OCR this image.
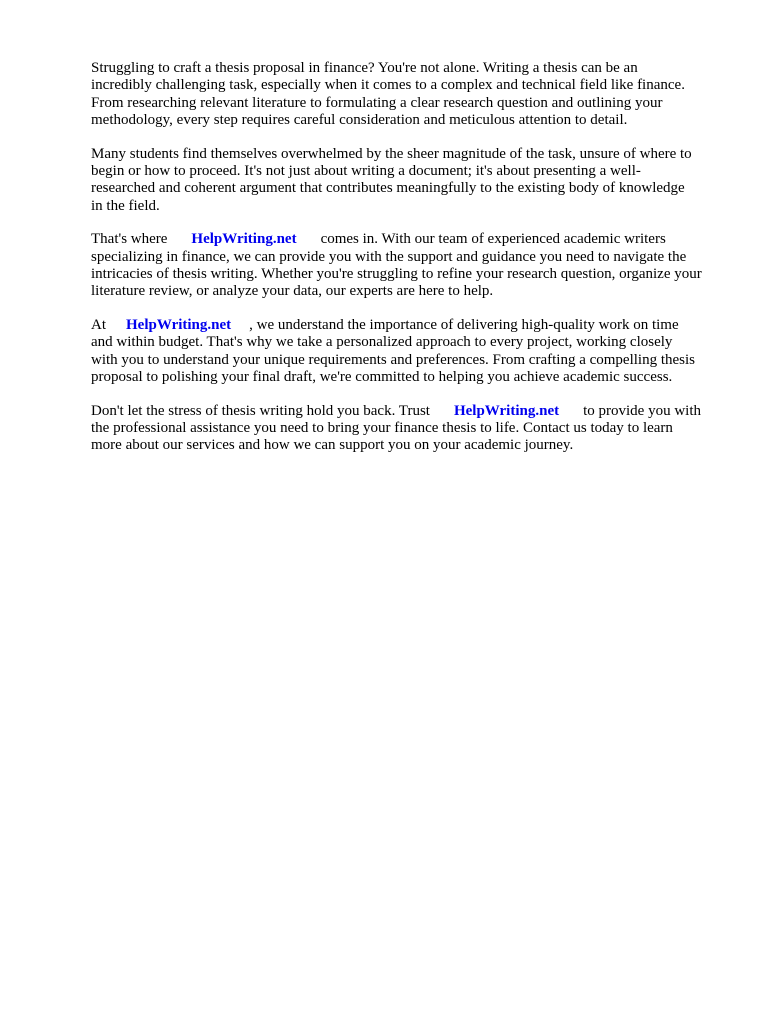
Struggling to craft a thesis proposal in finance? You're not alone. Writing a thesis can be an
incredibly challenging task, especially when it comes to a complex and technical field like finance.
From researching relevant literature to formulating a clear research question and outlining your
methodology, every step requires careful consideration and meticulous attention to detail.

Many students find themselves overwhelmed by the sheer magnitude of the task, unsure of where to
begin or how to proceed. It's not just about writing a document; it's about presenting a well-
researched and coherent argument that contributes meaningfully to the existing body of knowledge
in the field.

That's where HelpWriting.net comes in. With our team of experienced academic writers
specializing in finance, we can provide you with the support and guidance you need to navigate the
intricacies of thesis writing. Whether you're struggling to refine your research question, organize your
literature review, or analyze your data, our experts are here to help.

At HelpWriting.net , we understand the importance of delivering high-quality work on time
and within budget. That's why we take a personalized approach to every project, working closely
with you to understand your unique requirements and preferences. From crafting a compelling thesis
proposal to polishing your final draft, we're committed to helping you achieve academic success.

Don't let the stress of thesis writing hold you back. Trust HelpWriting.net to provide you with
the professional assistance you need to bring your finance thesis to life. Contact us today to learn
more about our services and how we can support you on your academic journey.
